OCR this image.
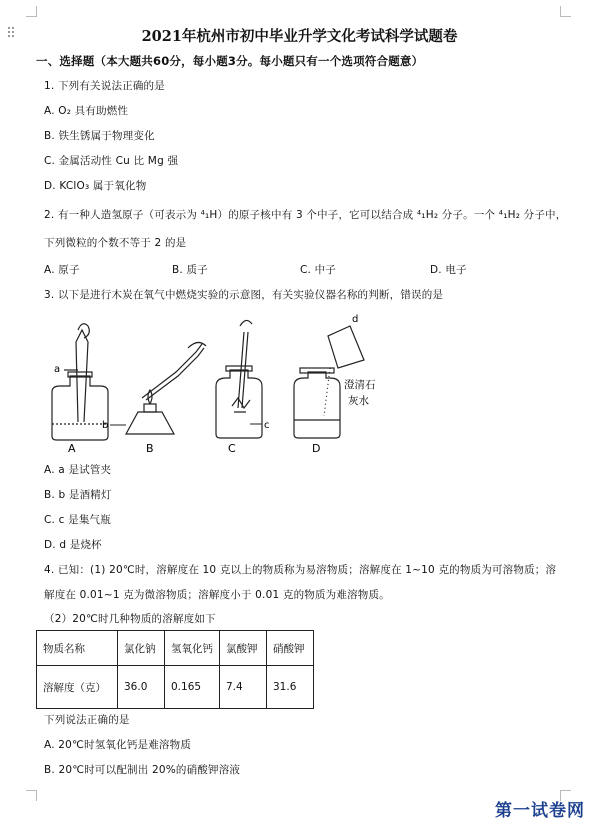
2021年杭州市初中毕业升学文化考试科学试题卷
一、选择题（本大题共60分，每小题3分。每小题只有一个选项符合题意）
1. 下列有关说法正确的是
A. O₂ 具有助燃性
B. 铁生锈属于物理变化
C. 金属活动性 Cu 比 Mg 强
D. KClO₃ 属于氧化物
2. 有一种人造氢原子（可表示为 ⁴₁H）的原子核中有 3 个中子，它可以结合成 ⁴₁H₂ 分子。一个 ⁴₁H₂ 分子中，
下列微粒的个数不等于 2 的是
A. 原子	B. 质子	C. 中子	D. 电子
3. 以下是进行木炭在氧气中燃烧实验的示意图，有关实验仪器名称的判断，错误的是
a
A
b
B
c
C
d
澄清石
灰水
D
A. a 是试管夹
B. b 是酒精灯
C. c 是集气瓶
D. d 是烧杯
4. 已知：(1) 20℃时，溶解度在 10 克以上的物质称为易溶物质；溶解度在 1~10 克的物质为可溶物质；溶
解度在 0.01~1 克为微溶物质；溶解度小于 0.01 克的物质为难溶物质。
（2）20℃时几种物质的溶解度如下
物质名称	氯化钠	氢氧化钙	氯酸钾	硝酸钾
溶解度（克）	36.0	0.165	7.4	31.6
下列说法正确的是
A. 20℃时氢氧化钙是难溶物质
B. 20℃时可以配制出 20%的硝酸钾溶液
第一试卷网
